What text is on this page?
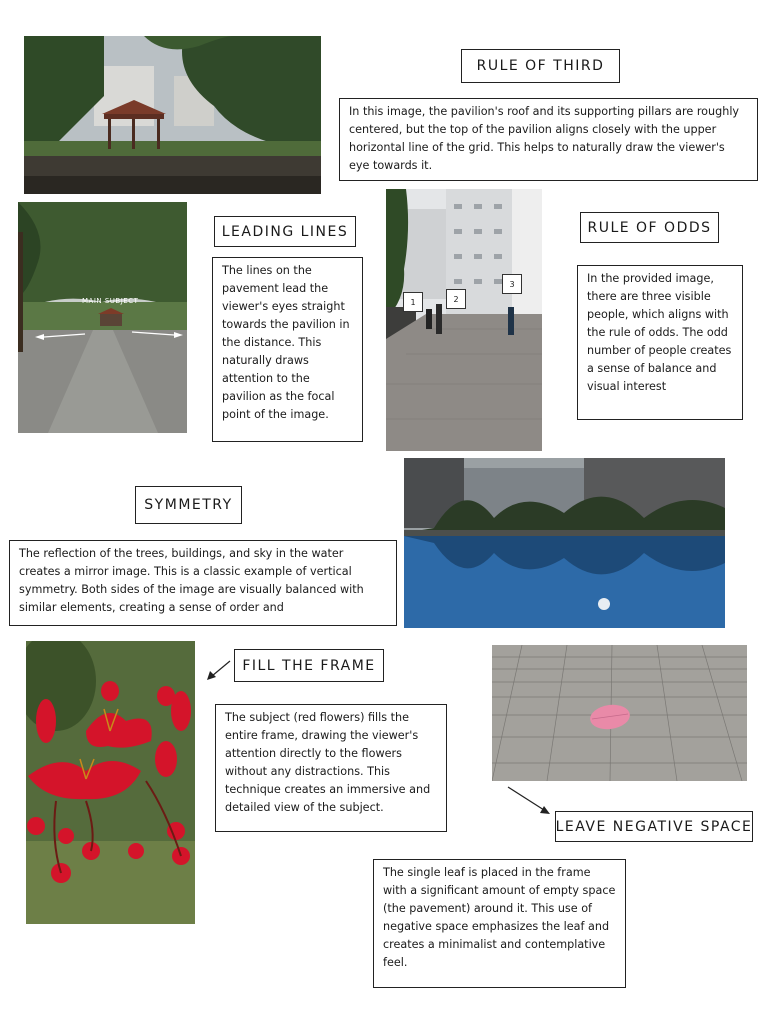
RULE OF THIRD
In this image, the pavilion's roof and its supporting pillars are roughly centered, but the top of the pavilion aligns closely with the upper horizontal line of the grid. This helps to naturally draw the viewer's eye towards it.
MAIN SUBJECT
LEADING LINES
The lines on the pavement lead the viewer's eyes straight towards the pavilion in the distance. This naturally draws attention to the pavilion as the focal point of the image.
1	2
3
RULE OF ODDS
In the provided image, there are three visible people, which aligns with the rule of odds. The odd number of people creates a sense of balance and visual interest
SYMMETRY
The reflection of the trees, buildings, and sky in the water creates a mirror image. This is a classic example of vertical symmetry. Both sides of the image are visually balanced with similar elements, creating a sense of order and
FILL THE FRAME
The subject (red flowers) fills the entire frame, drawing the viewer's attention directly to the flowers without any distractions. This technique creates an immersive and detailed view of the subject.
LEAVE NEGATIVE SPACE
The single leaf is placed in the frame with a significant amount of empty space (the pavement) around it. This use of negative space emphasizes the leaf and creates a minimalist and contemplative feel.
